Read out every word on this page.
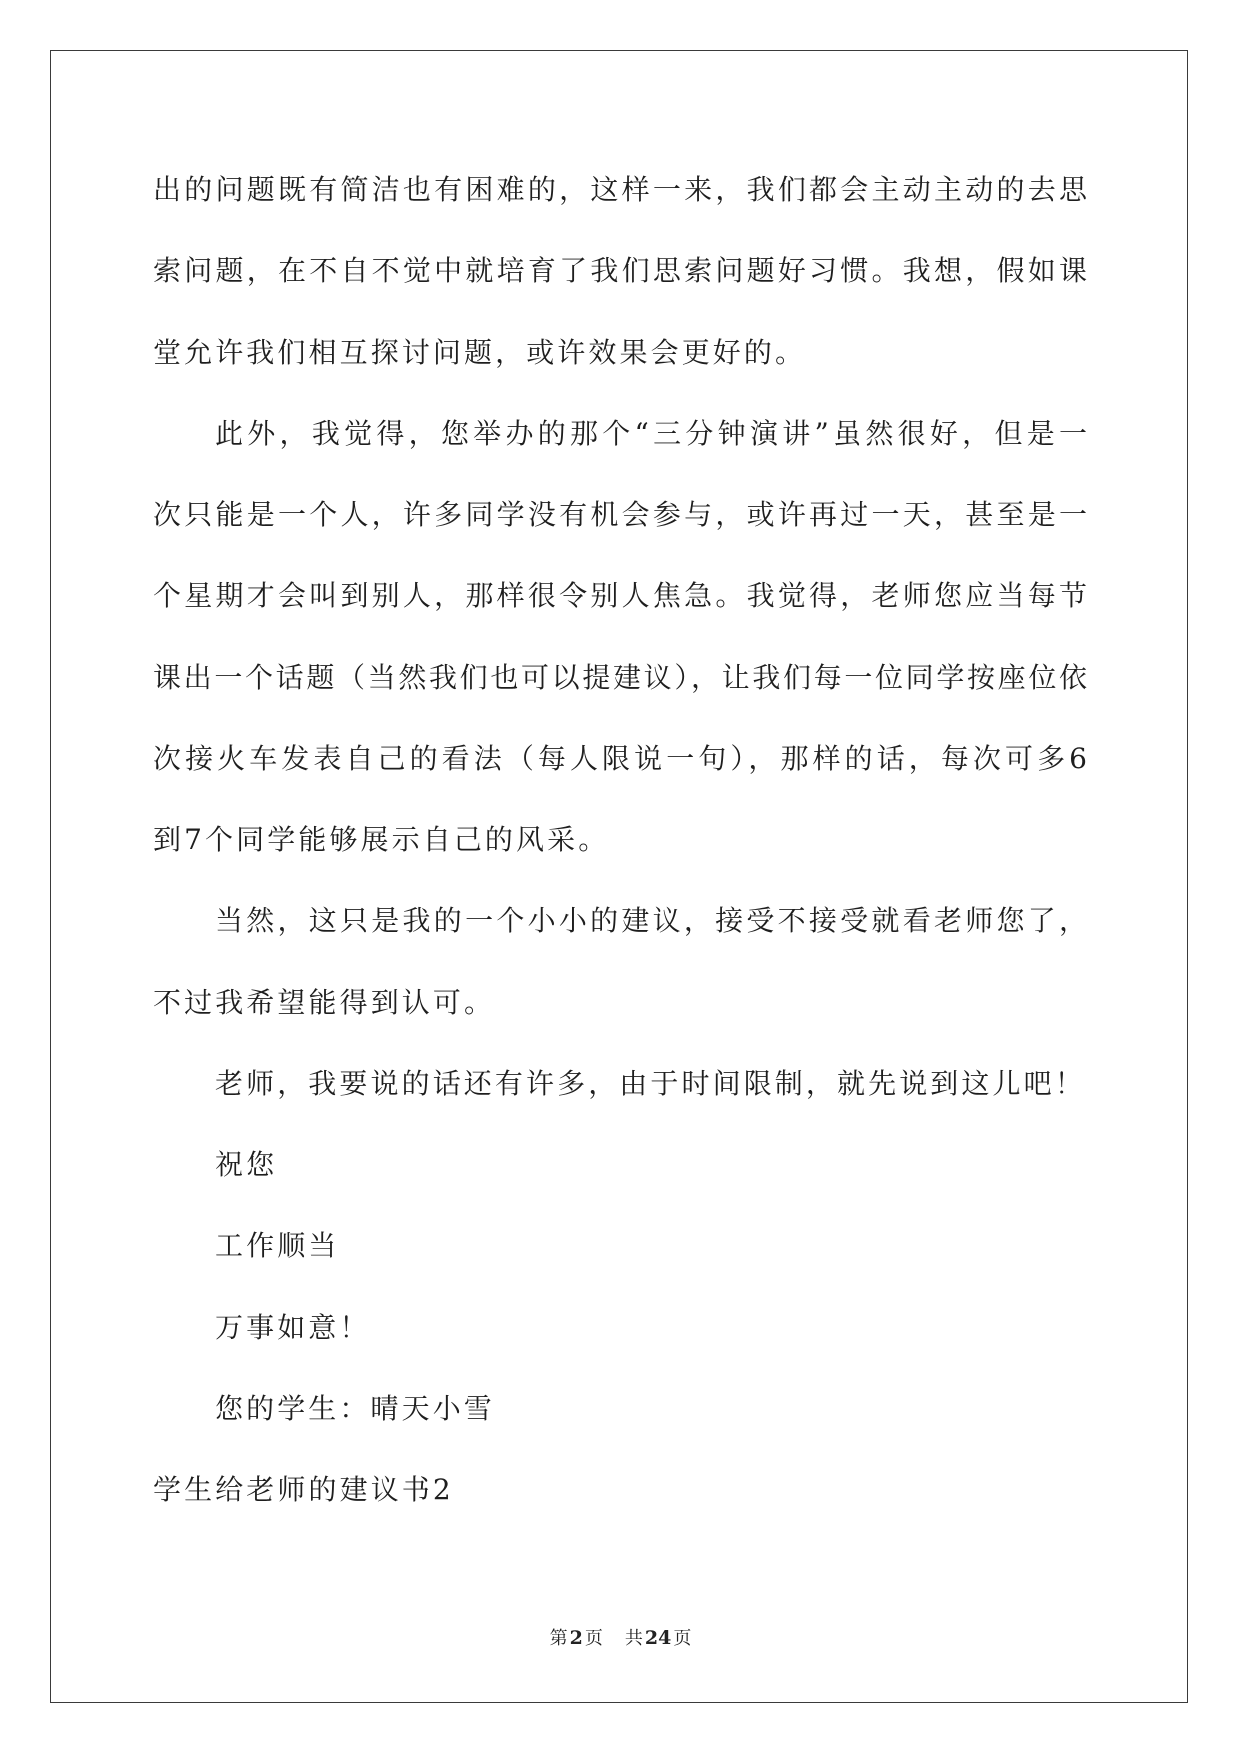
出的问题既有简洁也有困难的，这样一来，我们都会主动主动的去思
索问题，在不自不觉中就培育了我们思索问题好习惯。我想，假如课
堂允许我们相互探讨问题，或许效果会更好的。
此外，我觉得，您举办的那个“三分钟演讲”虽然很好，但是一
次只能是一个人，许多同学没有机会参与，或许再过一天，甚至是一
个星期才会叫到别人，那样很令别人焦急。我觉得，老师您应当每节
课出一个话题（当然我们也可以提建议），让我们每一位同学按座位依
次接火车发表自己的看法（每人限说一句），那样的话，每次可多6
到7个同学能够展示自己的风采。
当然，这只是我的一个小小的建议，接受不接受就看老师您了，
不过我希望能得到认可。
老师，我要说的话还有许多，由于时间限制，就先说到这儿吧！
祝您
工作顺当
万事如意！
您的学生：晴天小雪
学生给老师的建议书2
第 2 页 共 24 页
